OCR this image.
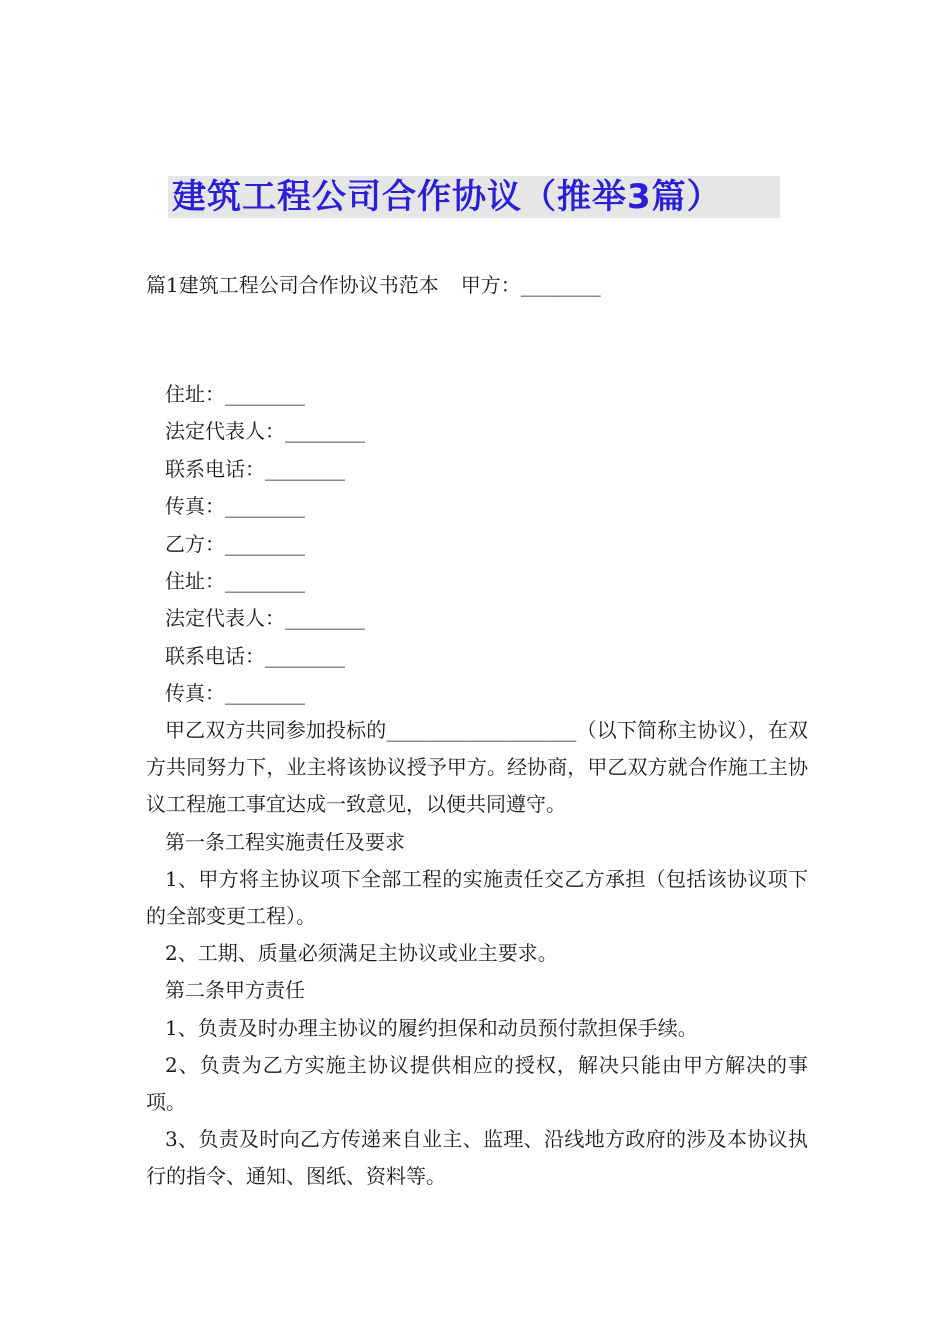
建筑工程公司合作协议（推举3篇）
篇1建筑工程公司合作协议书范本 甲方：________
住址：________
法定代表人：________
联系电话：________
传真：________
乙方：________
住址：________
法定代表人：________
联系电话：________
传真：________

甲乙双方共同参加投标的___________________（以下简称主协议），在双方共同努力下，业主将该协议授予甲方。经协商，甲乙双方就合作施工主协议工程施工事宜达成一致意见，以便共同遵守。

第一条工程实施责任及要求

1、甲方将主协议项下全部工程的实施责任交乙方承担（包括该协议项下的全部变更工程）。

2、工期、质量必须满足主协议或业主要求。

第二条甲方责任

1、负责及时办理主协议的履约担保和动员预付款担保手续。

2、负责为乙方实施主协议提供相应的授权，解决只能由甲方解决的事项。

3、负责及时向乙方传递来自业主、监理、沿线地方政府的涉及本协议执行的指令、通知、图纸、资料等。
